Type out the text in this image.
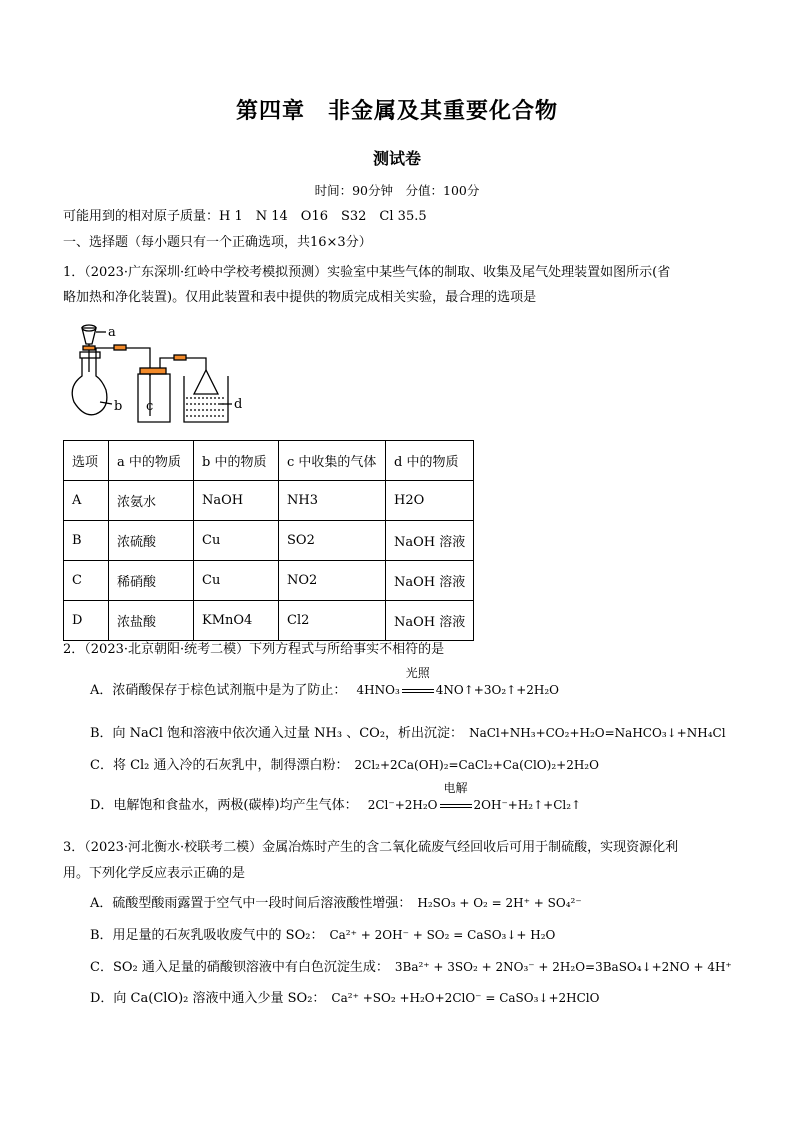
第四章　非金属及其重要化合物
测试卷
时间：90分钟　分值：100分
可能用到的相对原子质量：H 1　N 14　O16　S32　Cl 35.5
一、选择题（每小题只有一个正确选项，共16×3分）
1．（2023·广东深圳·红岭中学校考模拟预测）实验室中某些气体的制取、收集及尾气处理装置如图所示(省
略加热和净化装置)。仅用此装置和表中提供的物质完成相关实验，最合理的选项是
a
b c	d
选项	a 中的物质	b 中的物质	c 中收集的气体	d 中的物质
A	浓氨水	NaOH	NH3	H2O
B	浓硫酸	Cu	SO2	NaOH 溶液
C	稀硝酸	Cu	NO2	NaOH 溶液
D	浓盐酸	KMnO4	Cl2	NaOH 溶液
2．（2023·北京朝阳·统考二模）下列方程式与所给事实不相符的是
A．浓硝酸保存于棕色试剂瓶中是为了防止： 4HNO₃
光照
4NO↑+3O₂↑+2H₂O
B．向 NaCl 饱和溶液中依次通入过量 NH₃ 、CO₂，析出沉淀： NaCl+NH₃+CO₂+H₂O=NaHCO₃↓+NH₄Cl
C．将 Cl₂ 通入冷的石灰乳中，制得漂白粉： 2Cl₂+2Ca(OH)₂=CaCl₂+Ca(ClO)₂+2H₂O
D．电解饱和食盐水，两极(碳棒)均产生气体： 2Cl⁻+2H₂O
电解
2OH⁻+H₂↑+Cl₂↑
3．（2023·河北衡水·校联考二模）金属冶炼时产生的含二氧化硫废气经回收后可用于制硫酸，实现资源化利
用。下列化学反应表示正确的是
A．硫酸型酸雨露置于空气中一段时间后溶液酸性增强： H₂SO₃ + O₂ = 2H⁺ + SO₄²⁻
B．用足量的石灰乳吸收废气中的 SO₂： Ca²⁺ + 2OH⁻ + SO₂ = CaSO₃↓+ H₂O
C．SO₂ 通入足量的硝酸钡溶液中有白色沉淀生成： 3Ba²⁺ + 3SO₂ + 2NO₃⁻ + 2H₂O=3BaSO₄↓+2NO + 4H⁺
D．向 Ca(ClO)₂ 溶液中通入少量 SO₂： Ca²⁺ +SO₂ +H₂O+2ClO⁻ = CaSO₃↓+2HClO
